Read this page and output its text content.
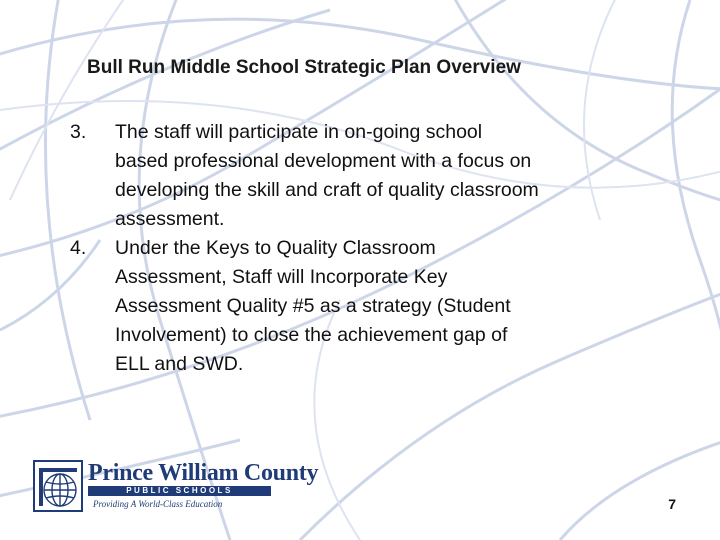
Bull Run Middle School Strategic Plan Overview
3.	The staff will participate in on-going school
based professional development with a focus on
developing the skill and craft of quality classroom
assessment.
4.	Under the Keys to Quality Classroom
Assessment, Staff will Incorporate Key
Assessment Quality #5 as a strategy (Student
Involvement) to close the achievement gap of
ELL and SWD.
Prince William County
PUBLIC SCHOOLS
Providing A World-Class Education	7
